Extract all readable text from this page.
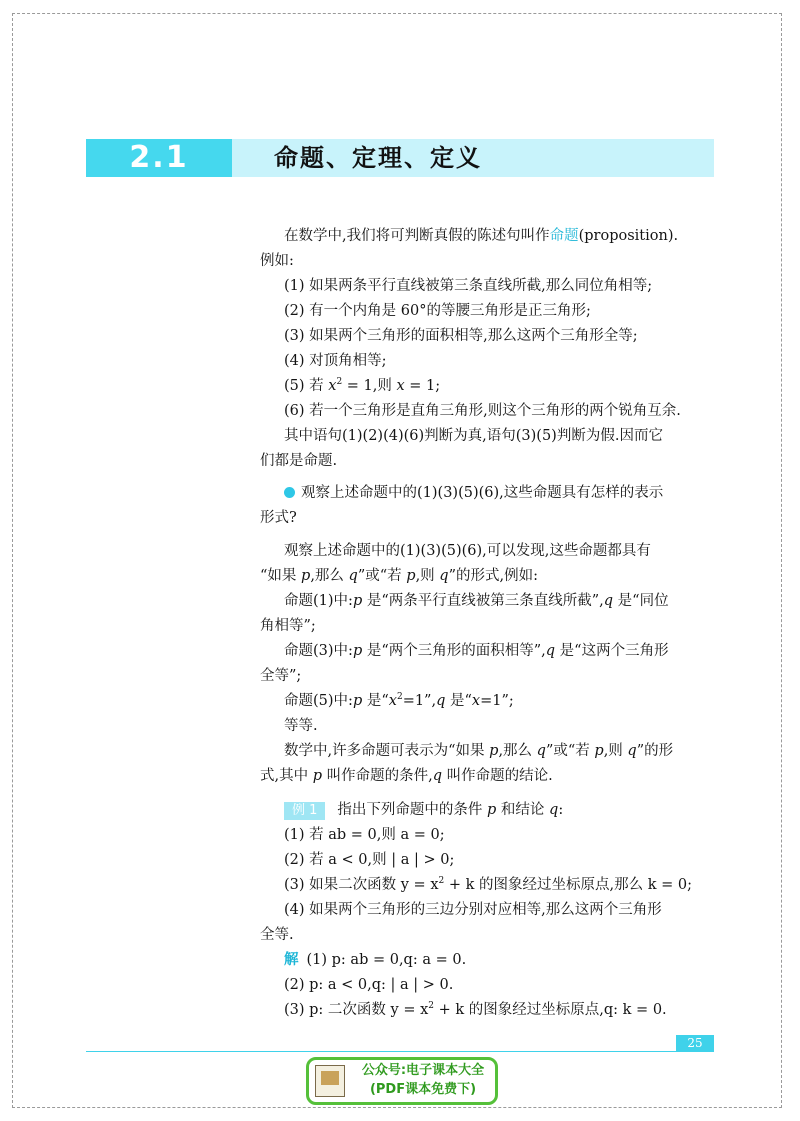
2.1	命题、定理、定义
在数学中,我们将可判断真假的陈述句叫作命题(proposition).
例如:
(1) 如果两条平行直线被第三条直线所截,那么同位角相等;
(2) 有一个内角是 60°的等腰三角形是正三角形;
(3) 如果两个三角形的面积相等,那么这两个三角形全等;
(4) 对顶角相等;
(5) 若 $x^2 = 1$,则 x = 1;
(6) 若一个三角形是直角三角形,则这个三角形的两个锐角互余.
其中语句(1)(2)(4)(6)判断为真,语句(3)(5)判断为假.因而它
们都是命题.
观察上述命题中的(1)(3)(5)(6),这些命题具有怎样的表示
形式?
观察上述命题中的(1)(3)(5)(6),可以发现,这些命题都具有
“如果 p,那么 q”或“若 p,则 q”的形式,例如:
命题(1)中:p 是“两条平行直线被第三条直线所截”,q 是“同位
角相等”;
命题(3)中:p 是“两个三角形的面积相等”,q 是“这两个三角形
全等”;
命题(5)中:p 是“$x^2=1”,q$ 是“x=1”;
等等.
数学中,许多命题可表示为“如果 p,那么 q”或“若 p,则 q”的形
式,其中 p 叫作命题的条件,q 叫作命题的结论.
例 1 指出下列命题中的条件 p 和结论 q:
(1) 若 ab = 0,则 a = 0;
(2) 若 a < 0,则 | a | > 0;
(3) 如果二次函数 $y = x^2 + k$ 的图象经过坐标原点,那么 k = 0;
(4) 如果两个三角形的三边分别对应相等,那么这两个三角形
全等.
解 (1) p: ab = 0,q: a = 0.
(2) p: a < 0,q: | a | > 0.
(3) p: 二次函数 $y = x^2 + k$ 的图象经过坐标原点,q: k = 0.
25
公众号:电子课本大全
(PDF课本免费下)
